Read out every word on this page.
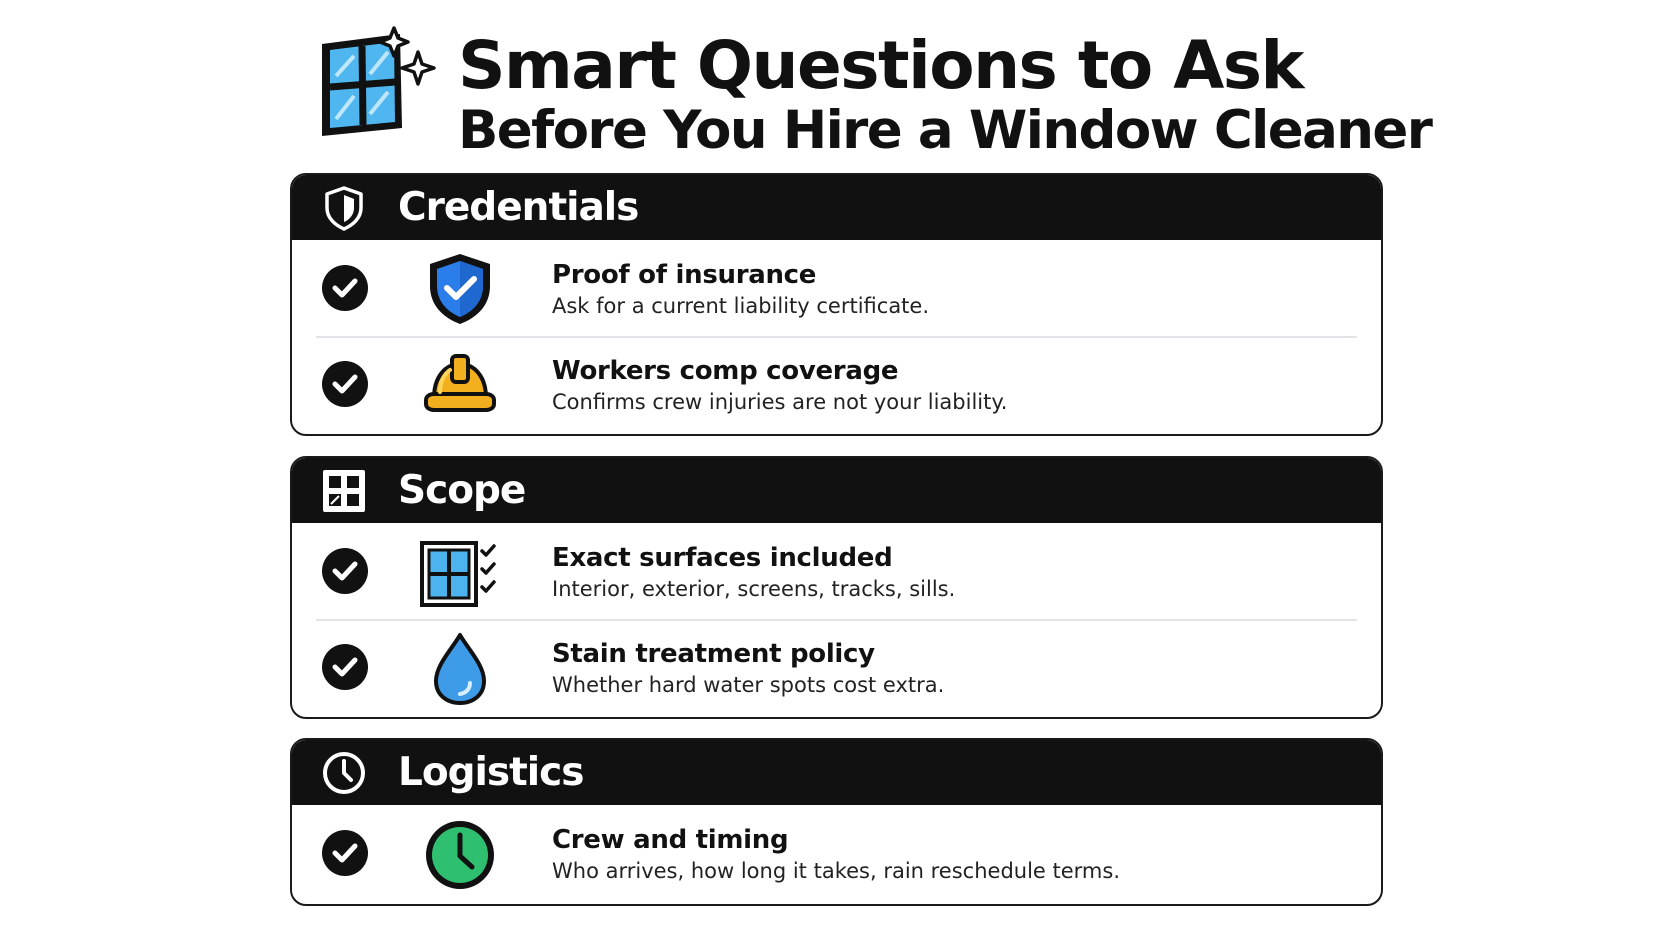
Smart Questions to Ask
Before You Hire a Window Cleaner
Credentials
Proof of insurance
Ask for a current liability certificate.
Workers comp coverage
Confirms crew injuries are not your liability.
Scope
Exact surfaces included
Interior, exterior, screens, tracks, sills.
Stain treatment policy
Whether hard water spots cost extra.
Logistics
Crew and timing
Who arrives, how long it takes, rain reschedule terms.
